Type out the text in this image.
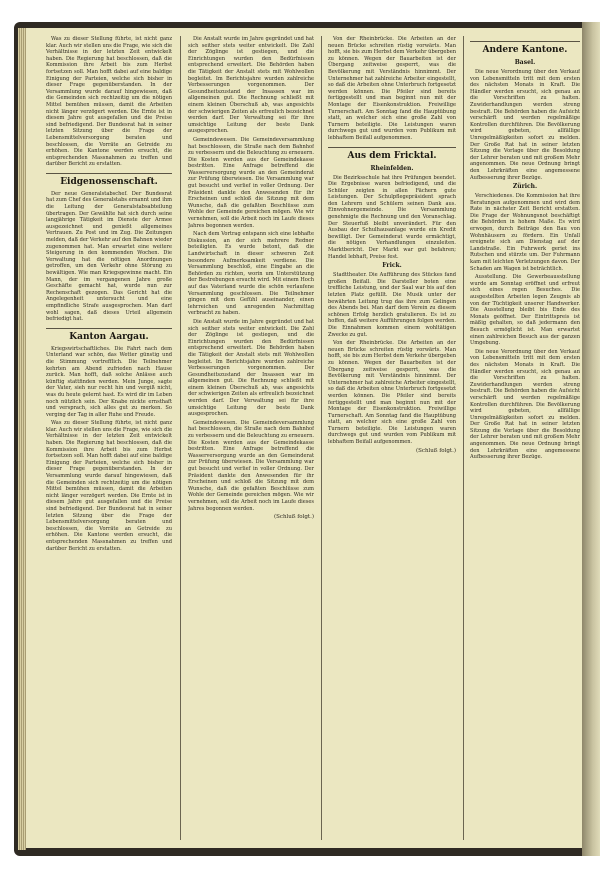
Was zu dieser Stellung führte, ist nicht ganz klar. Auch wir stellen uns die Frage, wie sich die Verhältnisse in der letzten Zeit entwickelt haben. Die Regierung hat beschlossen, daß die Kommission ihre Arbeit bis zum Herbst fortsetzen soll. Man hofft dabei auf eine baldige Einigung der Parteien, welche sich bisher in dieser Frage gegenüberstanden. In der Versammlung wurde darauf hingewiesen, daß die Gemeinden sich rechtzeitig um die nötigen Mittel bemühen müssen, damit die Arbeiten nicht länger verzögert werden. Die Ernte ist in diesem Jahre gut ausgefallen und die Preise sind befriedigend. Der Bundesrat hat in seiner letzten Sitzung über die Frage der Lebensmittelversorgung beraten und beschlossen, die Vorräte an Getreide zu erhöhen. Die Kantone werden ersucht, die entsprechenden Massnahmen zu treffen und darüber Bericht zu erstatten.

Eidgenossenschaft.

Der neue Generalstabschef. Der Bundesrat hat zum Chef des Generalstabs ernannt und ihm die Leitung der Generalstabsabteilung übertragen. Der Gewählte hat sich durch seine langjährige Tätigkeit im Dienste der Armee ausgezeichnet und genießt allgemeines Vertrauen. Zu Post und im Zug. Die Zeitungen melden, daß der Verkehr auf den Bahnen wieder zugenommen hat. Man erwartet eine weitere Steigerung in den kommenden Wochen. Die Verwaltung hat die nötigen Anordnungen getroffen, um den Verkehr ohne Störung zu bewältigen. Wie man Kriegsgewinne macht. Ein Mann, der im vergangenen Jahre große Geschäfte gemacht hat, wurde nun zur Rechenschaft gezogen. Das Gericht hat die Angelegenheit untersucht und eine empfindliche Strafe ausgesprochen. Man darf wohl sagen, daß dieses Urteil allgemein befriedigt hat.

Kanton Aargau.

Kriegswirtschaftliches. Die Fahrt nach dem Unterland war schön, das Wetter günstig und die Stimmung vortrefflich. Die Teilnehmer kehrten am Abend zufrieden nach Hause zurück. Man hofft, daß solche Anlässe auch künftig stattfinden werden. Mein Junge, sagte der Vater, sieh nur recht hin und vergiß nicht, was du heute gelernt hast. Es wird dir im Leben noch nützlich sein. Der Knabe nickte ernsthaft und versprach, sich alles gut zu merken. So verging der Tag in aller Ruhe und Freude.

Was zu dieser Stellung führte, ist nicht ganz klar. Auch wir stellen uns die Frage, wie sich die Verhältnisse in der letzten Zeit entwickelt haben. Die Regierung hat beschlossen, daß die Kommission ihre Arbeit bis zum Herbst fortsetzen soll. Man hofft dabei auf eine baldige Einigung der Parteien, welche sich bisher in dieser Frage gegenüberstanden. In der Versammlung wurde darauf hingewiesen, daß die Gemeinden sich rechtzeitig um die nötigen Mittel bemühen müssen, damit die Arbeiten nicht länger verzögert werden. Die Ernte ist in diesem Jahre gut ausgefallen und die Preise sind befriedigend. Der Bundesrat hat in seiner letzten Sitzung über die Frage der Lebensmittelversorgung beraten und beschlossen, die Vorräte an Getreide zu erhöhen. Die Kantone werden ersucht, die entsprechenden Massnahmen zu treffen und darüber Bericht zu erstatten.

Die Anstalt wurde im Jahre gegründet und hat sich seither stets weiter entwickelt. Die Zahl der Zöglinge ist gestiegen, und die Einrichtungen wurden den Bedürfnissen entsprechend erweitert. Die Behörden haben die Tätigkeit der Anstalt stets mit Wohlwollen begleitet. Im Berichtsjahre wurden zahlreiche Verbesserungen vorgenommen. Der Gesundheitszustand der Insassen war im allgemeinen gut. Die Rechnung schließt mit einem kleinen Überschuß ab, was angesichts der schwierigen Zeiten als erfreulich bezeichnet werden darf. Der Verwaltung sei für ihre umsichtige Leitung der beste Dank ausgesprochen.

Gemeindewesen. Die Gemeindeversammlung hat beschlossen, die Straße nach dem Bahnhof zu verbessern und die Beleuchtung zu erneuern. Die Kosten werden aus der Gemeindekasse bestritten. Eine Anfrage betreffend die Wasserversorgung wurde an den Gemeinderat zur Prüfung überwiesen. Die Versammlung war gut besucht und verlief in voller Ordnung. Der Präsident dankte den Anwesenden für ihr Erscheinen und schloß die Sitzung mit dem Wunsche, daß die gefaßten Beschlüsse zum Wohle der Gemeinde gereichen mögen. Wie wir vernehmen, soll die Arbeit noch im Laufe dieses Jahres begonnen werden.

Nach dem Vortrag entspann sich eine lebhafte Diskussion, an der sich mehrere Redner beteiligten. Es wurde betont, daß die Landwirtschaft in dieser schweren Zeit besondere Aufmerksamkeit verdiene. Die Versammlung beschloß, eine Eingabe an die Behörden zu richten, worin um Unterstützung der Bestrebungen ersucht wird. Mit einem Hoch auf das Vaterland wurde die schön verlaufene Versammlung geschlossen. Die Teilnehmer gingen mit dem Gefühl auseinander, einen lehrreichen und anregenden Nachmittag verbracht zu haben.

Die Anstalt wurde im Jahre gegründet und hat sich seither stets weiter entwickelt. Die Zahl der Zöglinge ist gestiegen, und die Einrichtungen wurden den Bedürfnissen entsprechend erweitert. Die Behörden haben die Tätigkeit der Anstalt stets mit Wohlwollen begleitet. Im Berichtsjahre wurden zahlreiche Verbesserungen vorgenommen. Der Gesundheitszustand der Insassen war im allgemeinen gut. Die Rechnung schließt mit einem kleinen Überschuß ab, was angesichts der schwierigen Zeiten als erfreulich bezeichnet werden darf. Der Verwaltung sei für ihre umsichtige Leitung der beste Dank ausgesprochen.

Gemeindewesen. Die Gemeindeversammlung hat beschlossen, die Straße nach dem Bahnhof zu verbessern und die Beleuchtung zu erneuern. Die Kosten werden aus der Gemeindekasse bestritten. Eine Anfrage betreffend die Wasserversorgung wurde an den Gemeinderat zur Prüfung überwiesen. Die Versammlung war gut besucht und verlief in voller Ordnung. Der Präsident dankte den Anwesenden für ihr Erscheinen und schloß die Sitzung mit dem Wunsche, daß die gefaßten Beschlüsse zum Wohle der Gemeinde gereichen mögen. Wie wir vernehmen, soll die Arbeit noch im Laufe dieses Jahres begonnen werden.

(Schluß folgt.)

Von der Rheinbrücke. Die Arbeiten an der neuen Brücke schreiten rüstig vorwärts. Man hofft, sie bis zum Herbst dem Verkehr übergeben zu können. Wegen der Bauarbeiten ist der Übergang zeitweise gesperrt, was die Bevölkerung mit Verständnis hinnimmt. Der Unternehmer hat zahlreiche Arbeiter eingestellt, so daß die Arbeiten ohne Unterbruch fortgesetzt werden können. Die Pfeiler sind bereits fertiggestellt und man beginnt nun mit der Montage der Eisenkonstruktion. Freiwillige Turnerschaft. Am Sonntag fand die Hauptübung statt, an welcher sich eine große Zahl von Turnern beteiligte. Die Leistungen waren durchwegs gut und wurden vom Publikum mit lebhaftem Beifall aufgenommen.

Aus dem Fricktal.
Rheinfelden.

Die Bezirksschule hat ihre Prüfungen beendet. Die Ergebnisse waren befriedigend, und die Schüler zeigten in allen Fächern gute Leistungen. Der Schulpflegepräsident sprach den Lehrern und Schülern seinen Dank aus. Einwohnergemeinde. Die Versammlung genehmigte die Rechnung und den Voranschlag. Der Steuerfuß bleibt unverändert. Für den Ausbau der Schulhausanlage wurde ein Kredit bewilligt. Der Gemeinderat wurde ermächtigt, die nötigen Verhandlungen einzuleiten. Marktbericht. Der Markt war gut befahren; Handel lebhaft, Preise fest.

Frick.

Stadttheater. Die Aufführung des Stückes fand großen Beifall. Die Darsteller boten eine treffliche Leistung, und der Saal war bis auf den letzten Platz gefüllt. Die Musik unter der bewährten Leitung trug das ihre zum Gelingen des Abends bei. Man darf dem Verein zu diesem schönen Erfolg herzlich gratulieren. Es ist zu hoffen, daß weitere Aufführungen folgen werden. Die Einnahmen kommen einem wohltätigen Zwecke zu gut.

Von der Rheinbrücke. Die Arbeiten an der neuen Brücke schreiten rüstig vorwärts. Man hofft, sie bis zum Herbst dem Verkehr übergeben zu können. Wegen der Bauarbeiten ist der Übergang zeitweise gesperrt, was die Bevölkerung mit Verständnis hinnimmt. Der Unternehmer hat zahlreiche Arbeiter eingestellt, so daß die Arbeiten ohne Unterbruch fortgesetzt werden können. Die Pfeiler sind bereits fertiggestellt und man beginnt nun mit der Montage der Eisenkonstruktion. Freiwillige Turnerschaft. Am Sonntag fand die Hauptübung statt, an welcher sich eine große Zahl von Turnern beteiligte. Die Leistungen waren durchwegs gut und wurden vom Publikum mit lebhaftem Beifall aufgenommen.

(Schluß folgt.)
Andere Kantone.
Basel.

Die neue Verordnung über den Verkauf von Lebensmitteln tritt mit dem ersten des nächsten Monats in Kraft. Die Händler werden ersucht, sich genau an die Vorschriften zu halten. Zuwiderhandlungen werden streng bestraft. Die Behörden haben die Aufsicht verschärft und werden regelmäßige Kontrollen durchführen. Die Bevölkerung wird gebeten, allfällige Unregelmäßigkeiten sofort zu melden. Der Große Rat hat in seiner letzten Sitzung die Vorlage über die Besoldung der Lehrer beraten und mit großem Mehr angenommen. Die neue Ordnung bringt den Lehrkräften eine angemessene Aufbesserung ihrer Bezüge.

Zürich.

Verschiedenes. Die Kommission hat ihre Beratungen aufgenommen und wird dem Rate in nächster Zeit Bericht erstatten. Die Frage der Wohnungsnot beschäftigt die Behörden in hohem Maße. Es wird erwogen, durch Beiträge den Bau von Wohnhäusern zu fördern. Ein Unfall ereignete sich am Dienstag auf der Landstraße. Ein Fuhrwerk geriet ins Rutschen und stürzte um. Der Fuhrmann kam mit leichten Verletzungen davon. Der Schaden am Wagen ist beträchtlich.

Ausstellung. Die Gewerbeausstellung wurde am Sonntag eröffnet und erfreut sich eines regen Besuches. Die ausgestellten Arbeiten legen Zeugnis ab von der Tüchtigkeit unserer Handwerker. Die Ausstellung bleibt bis Ende des Monats geöffnet. Der Eintrittspreis ist mäßig gehalten, so daß jedermann den Besuch ermöglicht ist. Man erwartet einen zahlreichen Besuch aus der ganzen Umgebung.

Die neue Verordnung über den Verkauf von Lebensmitteln tritt mit dem ersten des nächsten Monats in Kraft. Die Händler werden ersucht, sich genau an die Vorschriften zu halten. Zuwiderhandlungen werden streng bestraft. Die Behörden haben die Aufsicht verschärft und werden regelmäßige Kontrollen durchführen. Die Bevölkerung wird gebeten, allfällige Unregelmäßigkeiten sofort zu melden. Der Große Rat hat in seiner letzten Sitzung die Vorlage über die Besoldung der Lehrer beraten und mit großem Mehr angenommen. Die neue Ordnung bringt den Lehrkräften eine angemessene Aufbesserung ihrer Bezüge.
